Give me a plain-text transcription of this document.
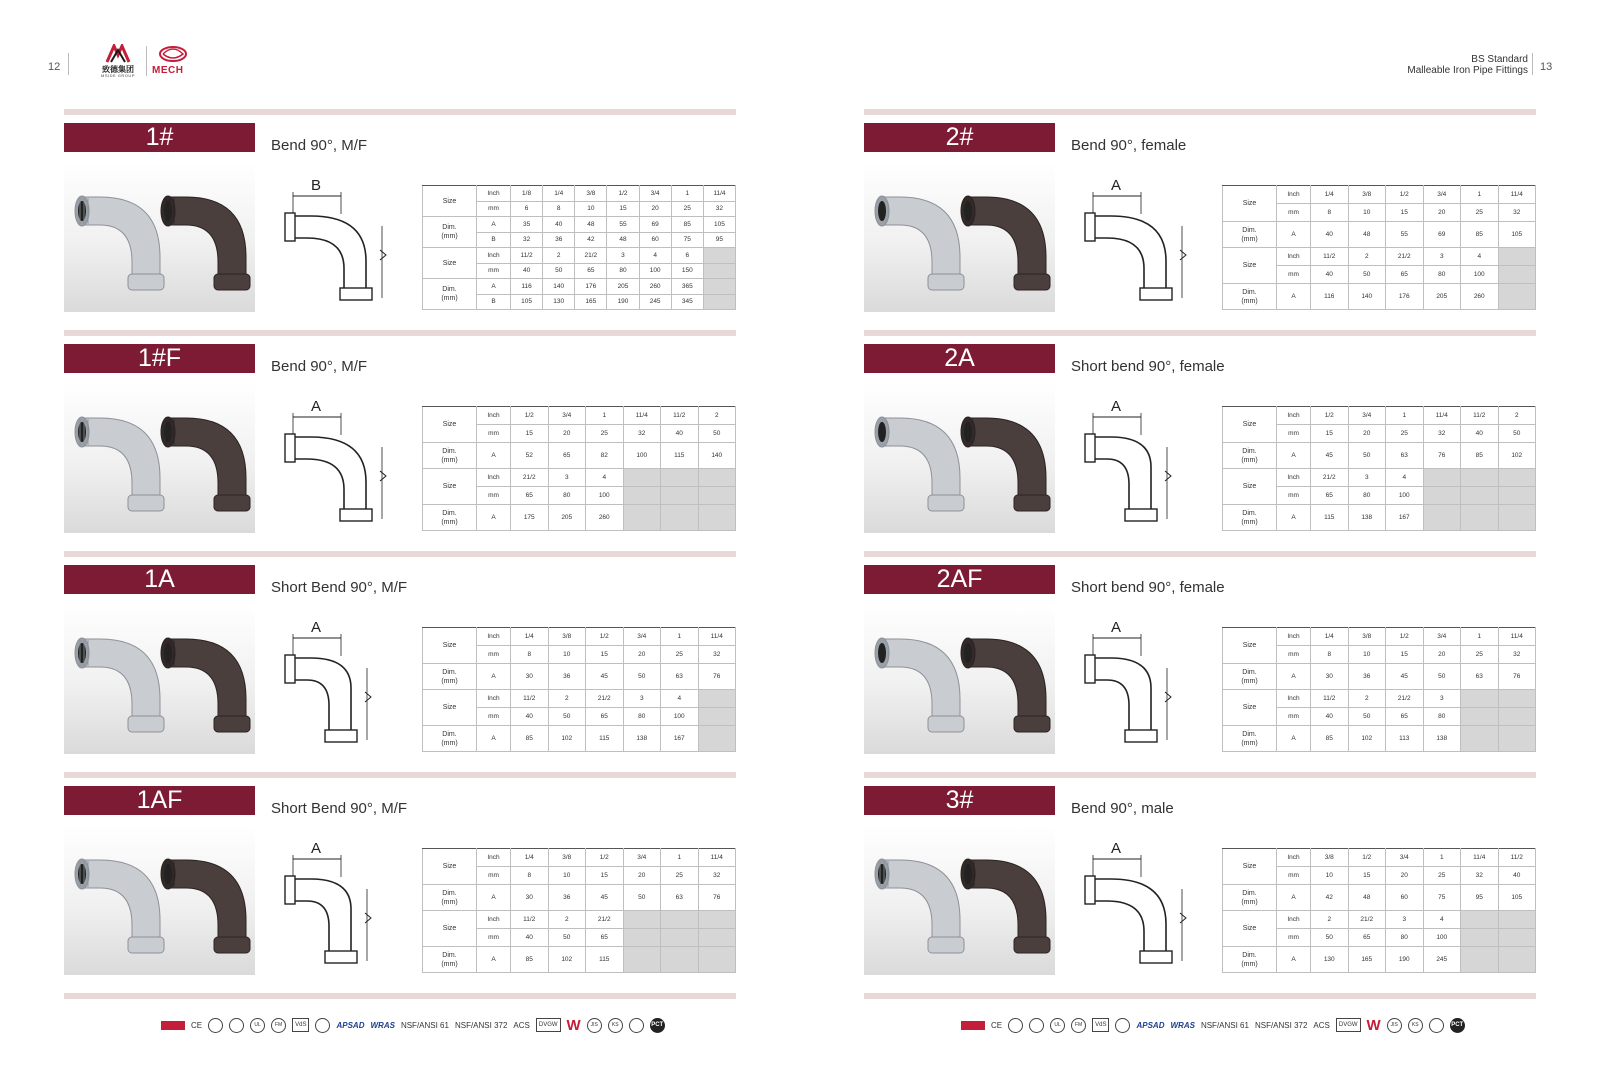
12	致德集团
MSIDE GROUP	MECH
BS Standard
Malleable Iron Pipe Fittings 13
1#	Bend 90°, M/F
B
Size	Inch	1/8	1/4	3/8	1/2	3/4	1	11/4
	mm	6	8	10	15	20	25	32
Dim.
(mm)	A	35	40	48	55	69	85	105
	B	32	36	42	48	60	75	95
Size	Inch	11/2	2	21/2	3	4	6	
	mm	40	50	65	80	100	150	
Dim.
(mm)	A	116	140	176	205	260	365	
	B	105	130	165	190	245	345	
1#F	Bend 90°, M/F
A
Size	Inch	1/2	3/4	1	11/4	11/2	2
	mm	15	20	25	32	40	50
Dim.
(mm)	A	52	65	82	100	115	140
Size	Inch	21/2	3	4			
	mm	65	80	100			
Dim.
(mm)	A	175	205	260			
1A	Short Bend 90°, M/F
A
Size	Inch	1/4	3/8	1/2	3/4	1	11/4
	mm	8	10	15	20	25	32
Dim.
(mm)	A	30	36	45	50	63	76
Size	Inch	11/2	2	21/2	3	4	
	mm	40	50	65	80	100	
Dim.
(mm)	A	85	102	115	138	167	
1AF	Short Bend 90°, M/F
A
Size	Inch	1/4	3/8	1/2	3/4	1	11/4
	mm	8	10	15	20	25	32
Dim.
(mm)	A	30	36	45	50	63	76
Size	Inch	11/2	2	21/2			
	mm	40	50	65			
Dim.
(mm)	A	85	102	115			
2#	Bend 90°, female
A
Size	Inch	1/4	3/8	1/2	3/4	1	11/4
	mm	8	10	15	20	25	32
Dim.
(mm)	A	40	48	55	69	85	105
Size	Inch	11/2	2	21/2	3	4	
	mm	40	50	65	80	100	
Dim.
(mm)	A	116	140	176	205	260	
2A	Short bend 90°, female
A
Size	Inch	1/2	3/4	1	11/4	11/2	2
	mm	15	20	25	32	40	50
Dim.
(mm)	A	45	50	63	76	85	102
Size	Inch	21/2	3	4			
	mm	65	80	100			
Dim.
(mm)	A	115	138	167			
2AF	Short bend 90°, female
A
Size	Inch	1/4	3/8	1/2	3/4	1	11/4
	mm	8	10	15	20	25	32
Dim.
(mm)	A	30	36	45	50	63	76
Size	Inch	11/2	2	21/2	3		
	mm	40	50	65	80		
Dim.
(mm)	A	85	102	113	138		
3#	Bend 90°, male
A
Size	Inch	3/8	1/2	3/4	1	11/4	11/2
	mm	10	15	20	25	32	40
Dim.
(mm)	A	42	48	60	75	95	105
Size	Inch	2	21/2	3	4		
	mm	50	65	80	100		
Dim.
(mm)	A	130	165	190	245		
CE	UL	FM	VdS	APSAD WRAS NSF/ANSI 61 NSF/ANSI 372 ACS	DVGW W	JIS	KS	PCT	CE	UL	FM	VdS	APSAD WRAS NSF/ANSI 61 NSF/ANSI 372 ACS	DVGW W	JIS	KS	PCT
